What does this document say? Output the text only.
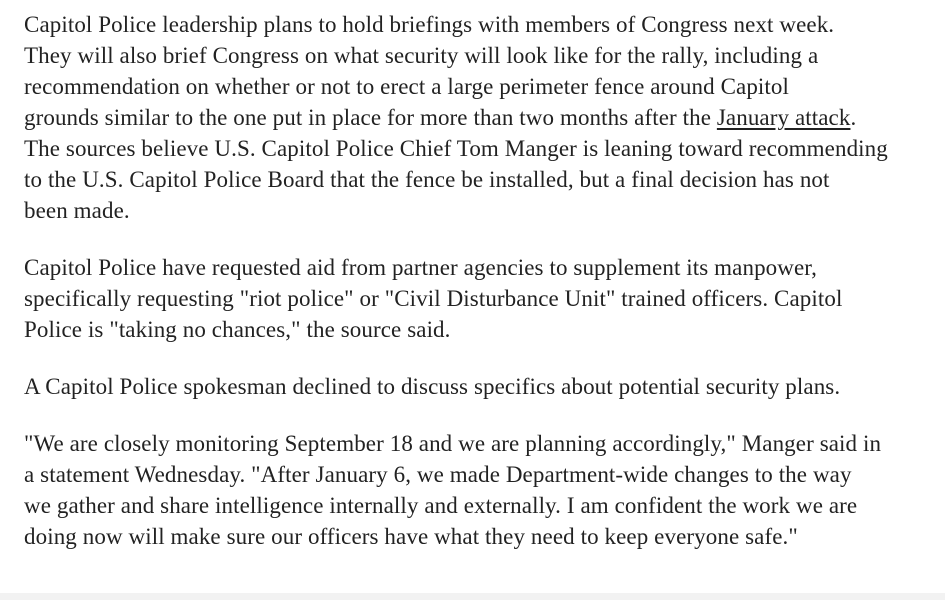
Capitol Police leadership plans to hold briefings with members of Congress next week.
They will also brief Congress on what security will look like for the rally, including a
recommendation on whether or not to erect a large perimeter fence around Capitol
grounds similar to the one put in place for more than two months after the January attack.
The sources believe U.S. Capitol Police Chief Tom Manger is leaning toward recommending
to the U.S. Capitol Police Board that the fence be installed, but a final decision has not
been made.
Capitol Police have requested aid from partner agencies to supplement its manpower,
specifically requesting "riot police" or "Civil Disturbance Unit" trained officers. Capitol
Police is "taking no chances," the source said.
A Capitol Police spokesman declined to discuss specifics about potential security plans.
"We are closely monitoring September 18 and we are planning accordingly," Manger said in
a statement Wednesday. "After January 6, we made Department-wide changes to the way
we gather and share intelligence internally and externally. I am confident the work we are
doing now will make sure our officers have what they need to keep everyone safe."
